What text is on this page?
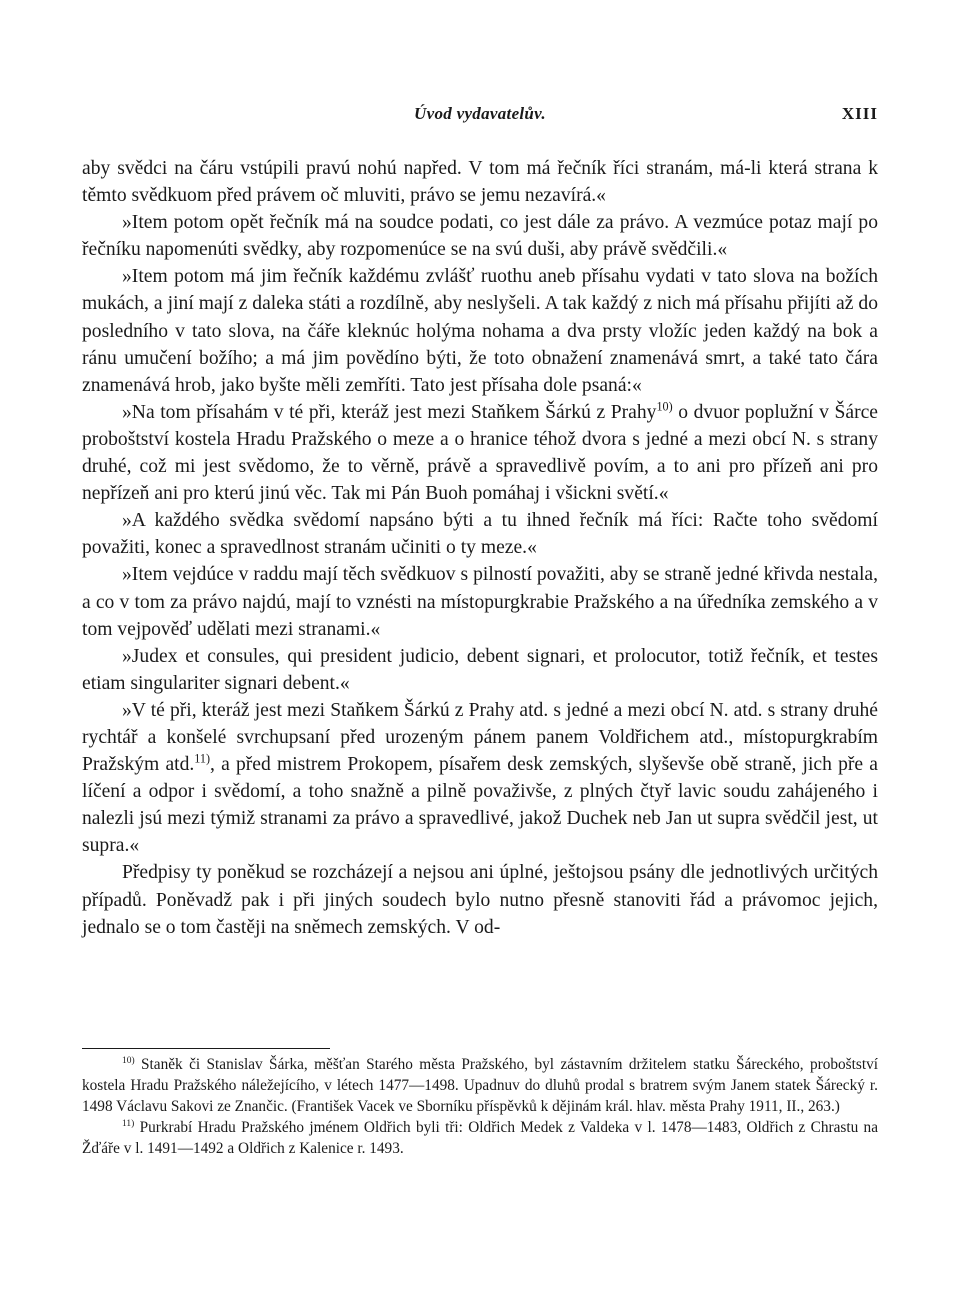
Úvod vydavatelův.	XIII

aby svědci na čáru vstúpili pravú nohú napřed. V tom má řečník říci stranám, má-li která strana k těmto svědkuom před právem oč mluviti, právo se jemu nezavírá.«

»Item potom opět řečník má na soudce podati, co jest dále za právo. A vezmúce potaz mají po řečníku napomenúti svědky, aby rozpomenúce se na svú duši, aby právě svědčili.«

»Item potom má jim řečník každému zvlášť ruothu aneb přísahu vydati v tato slova na božích mukách, a jiní mají z daleka státi a rozdílně, aby neslyšeli. A tak každý z nich má přísahu přijíti až do posledního v tato slova, na čáře kleknúc holýma nohama a dva prsty vložíc jeden každý na bok a ránu umučení božího; a má jim povědíno býti, že toto obnažení znamenává smrt, a také tato čára znamenává hrob, jako byšte měli zemříti. Tato jest přísaha dole psaná:«

»Na tom přísahám v té při, kteráž jest mezi Staňkem Šárkú z Prahy$^{10)}$ o dvuor poplužní v Šárce proboštství kostela Hradu Pražského o meze a o hranice téhož dvora s jedné a mezi obcí N. s strany druhé, což mi jest svědomo, že to věrně, právě a spravedlivě povím, a to ani pro přízeň ani pro nepřízeň ani pro kterú jinú věc. Tak mi Pán Buoh pomáhaj i všickni světí.«

»A každého svědka svědomí napsáno býti a tu ihned řečník má říci: Račte toho svědomí považiti, konec a spravedlnost stranám učiniti o ty meze.«

»Item vejdúce v raddu mají těch svědkuov s pilností považiti, aby se straně jedné křivda nestala, a co v tom za právo najdú, mají to vznésti na místopurgkrabie Pražského a na úředníka zemského a v tom vejpověď udělati mezi stranami.«

»Judex et consules, qui president judicio, debent signari, et prolocutor, totiž řečník, et testes etiam singulariter signari debent.«

»V té při, kteráž jest mezi Staňkem Šárkú z Prahy atd. s jedné a mezi obcí N. atd. s strany druhé rychtář a konšelé svrchupsaní před urozeným pánem panem Voldřichem atd., místopurgkrabím Pražským atd.$^{11)}$, a před mistrem Prokopem, písařem desk zemských, slyševše obě straně, jich pře a líčení a odpor i svědomí, a toho snažně a pilně považivše, z plných čtyř lavic soudu zahájeného i nalezli jsú mezi týmiž stranami za právo a spravedlivé, jakož Duchek neb Jan ut supra svědčil jest, ut supra.«

Předpisy ty poněkud se rozcházejí a nejsou ani úplné, ještojsou psány dle jednotlivých určitých případů. Poněvadž pak i při jiných soudech bylo nutno přesně stanoviti řád a právomoc jejich, jednalo se o tom častěji na sněmech zemských. V od-

$^{10)}$ Staněk či Stanislav Šárka, měšťan Starého města Pražského, byl zástavním držitelem statku Šáreckého, proboštství kostela Hradu Pražského náležejícího, v létech 1477—1498. Upadnuv do dluhů prodal s bratrem svým Janem statek Šárecký r. 1498 Václavu Sakovi ze Znančic. (František Vacek ve Sborníku příspěvků k dějinám král. hlav. města Prahy 1911, II., 263.)

$^{11)}$ Purkrabí Hradu Pražského jménem Oldřich byli tři: Oldřich Medek z Valdeka v l. 1478—1483, Oldřich z Chrastu na Žďáře v l. 1491—1492 a Oldřich z Kalenice r. 1493.
